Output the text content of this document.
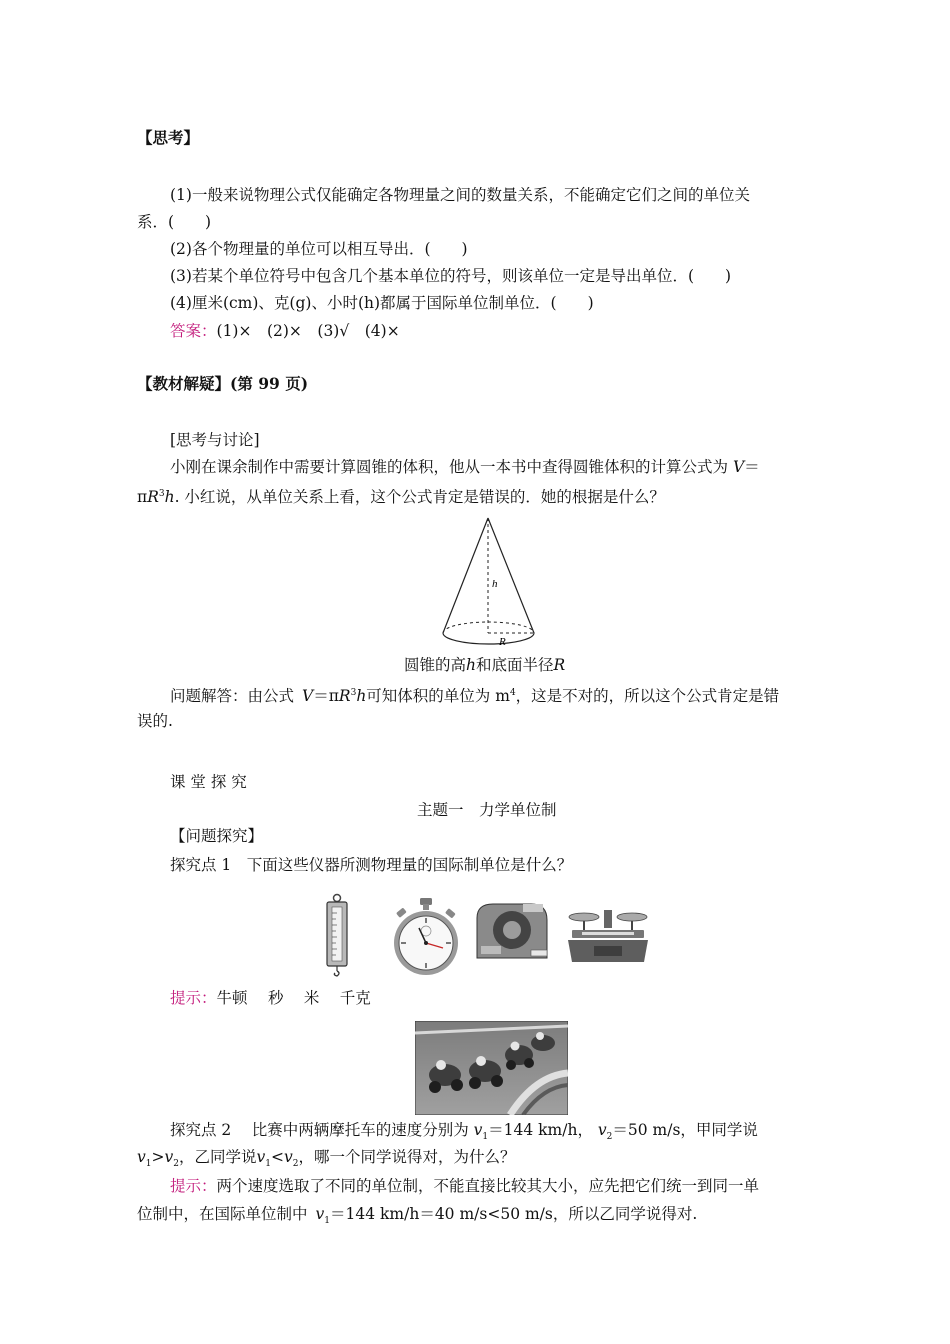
【思考】
(1)一般来说物理公式仅能确定各物理量之间的数量关系，不能确定它们之间的单位关
系．(　　)
(2)各个物理量的单位可以相互导出．(　　)
(3)若某个单位符号中包含几个基本单位的符号，则该单位一定是导出单位．(　　)
(4)厘米(cm)、克(g)、小时(h)都属于国际单位制单位．(　　)
答案：(1)×　(2)×　(3)√　(4)×
【教材解疑】(第 99 页)
[思考与讨论]
小刚在课余制作中需要计算圆锥的体积，他从一本书中查得圆锥体积的计算公式为 V＝
$\pi R^3h$. 小红说，从单位关系上看，这个公式肯定是错误的．她的根据是什么？
h
R
圆锥的高h和底面半径R
问题解答：由公式 $V=\pi R^3h$可知体积的单位为 $m^4$，这是不对的，所以这个公式肯定是错
误的.
课 堂 探 究
主题一　力学单位制
【问题探究】
探究点 1　下面这些仪器所测物理量的国际制单位是什么？
提示：牛顿　 秒　 米　 千克
探究点 2　 比赛中两辆摩托车的速度分别为 $v_1=144$ km/h， $v_2=50$ m/s，甲同学说
$v_1>v_2$，乙同学说$v_1<v_2$，哪一个同学说得对，为什么？
提示：两个速度选取了不同的单位制，不能直接比较其大小，应先把它们统一到同一单
位制中，在国际单位制中 $v_1=144$ km/h＝40 m/s<50 m/s，所以乙同学说得对.
